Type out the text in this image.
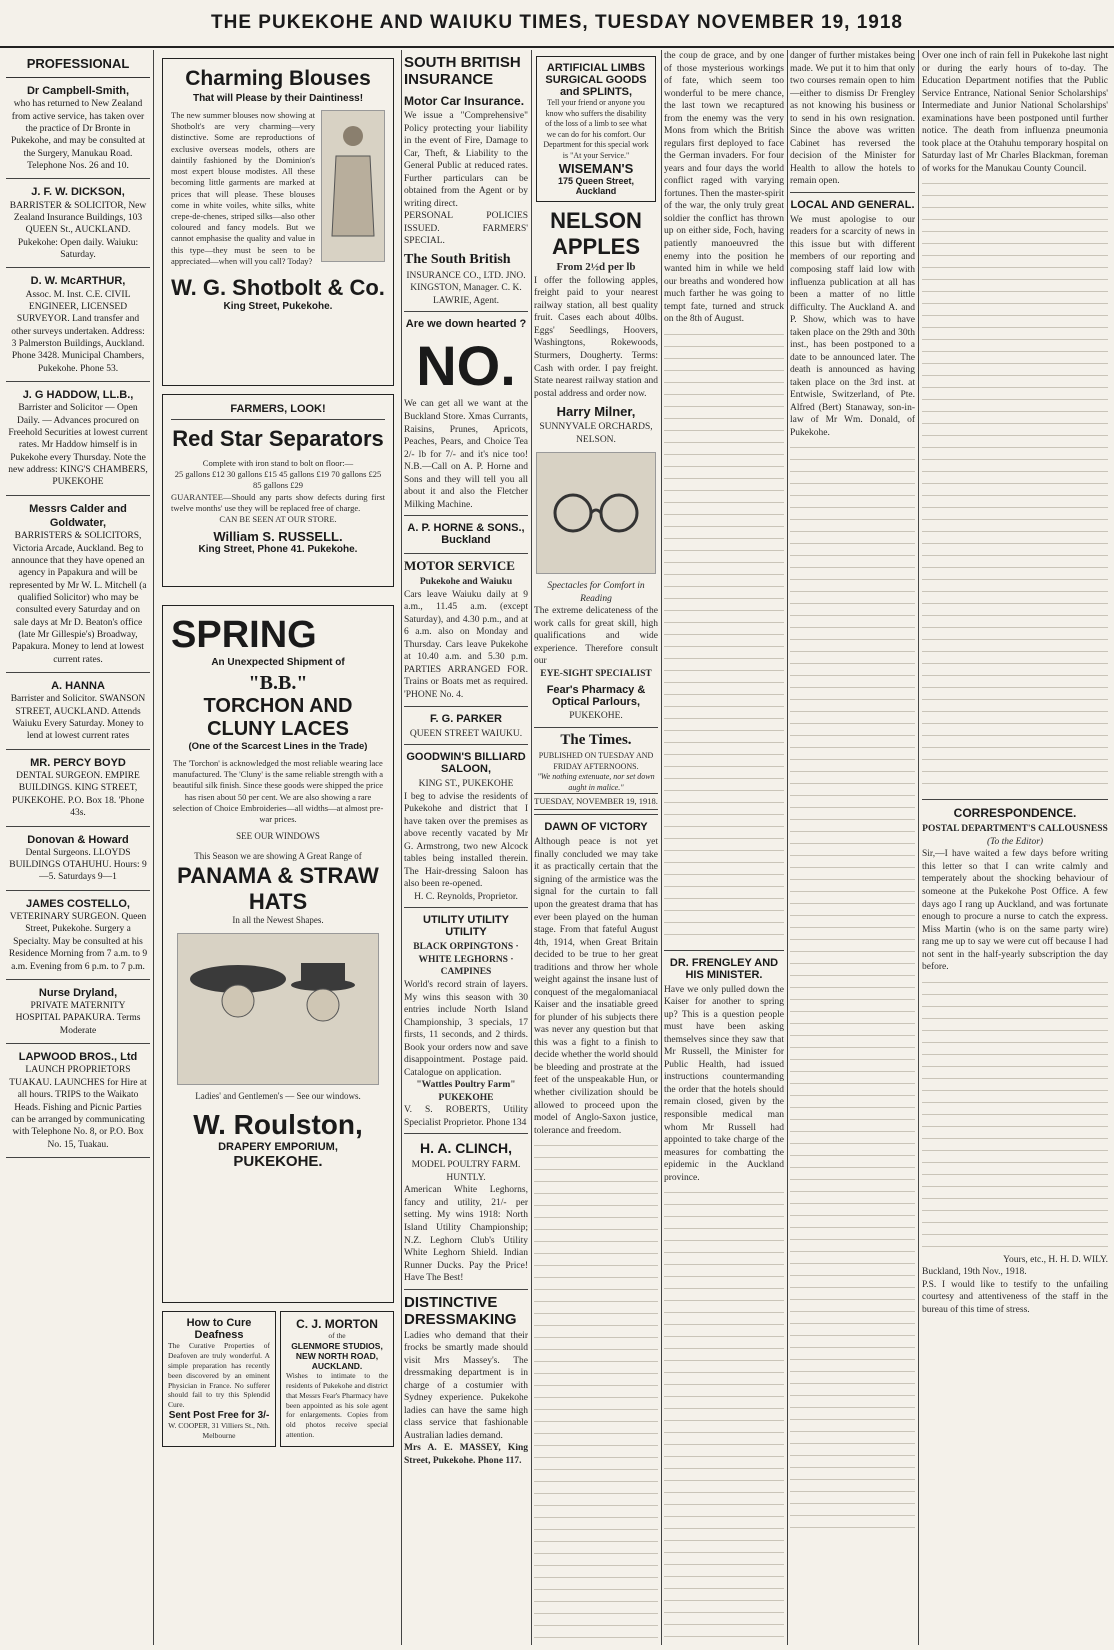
THE PUKEKOHE AND WAIUKU TIMES, TUESDAY NOVEMBER 19, 1918
PROFESSIONAL
Dr Campbell-Smith,
who has returned to New Zealand from active service, has taken over the practice of Dr Bronte in Pukekohe, and may be consulted at the Surgery, Manukau Road. Telephone Nos. 26 and 10.
J. F. W. DICKSON,
BARRISTER & SOLICITOR, New Zealand Insurance Buildings, 103 QUEEN St., AUCKLAND. Pukekohe: Open daily. Waiuku: Saturday.
D. W. McARTHUR,
Assoc. M. Inst. C.E. CIVIL ENGINEER, LICENSED SURVEYOR. Land transfer and other surveys undertaken. Address: 3 Palmerston Buildings, Auckland. Phone 3428. Municipal Chambers, Pukekohe. Phone 53.
J. G HADDOW, LL.B.,
Barrister and Solicitor — Open Daily. — Advances procured on Freehold Securities at lowest current rates. Mr Haddow himself is in Pukekohe every Thursday. Note the new address: KING'S CHAMBERS, PUKEKOHE
Messrs Calder and Goldwater,
BARRISTERS & SOLICITORS, Victoria Arcade, Auckland. Beg to announce that they have opened an agency in Papakura and will be represented by Mr W. L. Mitchell (a qualified Solicitor) who may be consulted every Saturday and on sale days at Mr D. Beaton's office (late Mr Gillespie's) Broadway, Papakura. Money to lend at lowest current rates.
A. HANNA
Barrister and Solicitor. SWANSON STREET, AUCKLAND. Attends Waiuku Every Saturday. Money to lend at lowest current rates
MR. PERCY BOYD
DENTAL SURGEON. EMPIRE BUILDINGS. KING STREET, PUKEKOHE. P.O. Box 18. 'Phone 43s.
Donovan & Howard
Dental Surgeons. LLOYDS BUILDINGS OTAHUHU. Hours: 9—5. Saturdays 9—1
JAMES COSTELLO,
VETERINARY SURGEON. Queen Street, Pukekohe. Surgery a Specialty. May be consulted at his Residence Morning from 7 a.m. to 9 a.m. Evening from 6 p.m. to 7 p.m.
Nurse Dryland,
PRIVATE MATERNITY HOSPITAL PAPAKURA. Terms Moderate
LAPWOOD BROS., Ltd
LAUNCH PROPRIETORS TUAKAU. LAUNCHES for Hire at all hours. TRIPS to the Waikato Heads. Fishing and Picnic Parties can be arranged by communicating with Telephone No. 8, or P.O. Box No. 15, Tuakau.
Charming Blouses
That will Please by their Daintiness!
The new summer blouses now showing at Shotbolt's are very charming—very distinctive. Some are reproductions of exclusive overseas models, others are daintily fashioned by the Dominion's most expert blouse modistes. All these becoming little garments are marked at prices that will please. These blouses come in white voiles, white silks, white crepe-de-chenes, striped silks—also other coloured and fancy models. But we cannot emphasise the quality and value in this type—they must be seen to be appreciated—when will you call? Today?
W. G. Shotbolt & Co.
King Street, Pukekohe.
FARMERS, LOOK!
Red Star Separators
Complete with iron stand to bolt on floor:—
25 gallons £12 30 gallons £15 45 gallons £19 70 gallons £25 85 gallons £29
GUARANTEE—Should any parts show defects during first twelve months' use they will be replaced free of charge.
CAN BE SEEN AT OUR STORE.
William S. RUSSELL.
King Street, Phone 41. Pukekohe.
SPRING
An Unexpected Shipment of
"B.B."
TORCHON AND CLUNY LACES
(One of the Scarcest Lines in the Trade)
The 'Torchon' is acknowledged the most reliable wearing lace manufactured. The 'Cluny' is the same reliable strength with a beautiful silk finish. Since these goods were shipped the price has risen about 50 per cent. We are also showing a rare selection of Choice Embroideries—all widths—at almost pre-war prices.
SEE OUR WINDOWS
This Season we are showing A Great Range of
PANAMA & STRAW HATS
In all the Newest Shapes.
Ladies' and Gentlemen's — See our windows.
W. Roulston,
DRAPERY EMPORIUM,
PUKEKOHE.
How to Cure Deafness
The Curative Properties of Deafoven are truly wonderful. A simple preparation has recently been discovered by an eminent Physician in France. No sufferer should fail to try this Splendid Cure.
Sent Post Free for 3/-
W. COOPER, 31 Villiers St., Nth. Melbourne
C. J. MORTON
of the
GLENMORE STUDIOS, NEW NORTH ROAD, AUCKLAND.
Wishes to intimate to the residents of Pukekohe and district that Messrs Fear's Pharmacy have been appointed as his sole agent for enlargements. Copies from old photos receive special attention.
SOUTH BRITISH INSURANCE
Motor Car Insurance.
We issue a "Comprehensive" Policy protecting your liability in the event of Fire, Damage to Car, Theft, & Liability to the General Public at reduced rates. Further particulars can be obtained from the Agent or by writing direct.
PERSONAL POLICIES ISSUED. FARMERS' SPECIAL.
The South British
INSURANCE CO., LTD. JNO. KINGSTON, Manager. C. K. LAWRIE, Agent.
Are we down hearted ?
NO.
We can get all we want at the Buckland Store. Xmas Currants, Raisins, Prunes, Apricots, Peaches, Pears, and Choice Tea 2/- lb for 7/- and it's nice too! N.B.—Call on A. P. Horne and Sons and they will tell you all about it and also the Fletcher Milking Machine.
A. P. HORNE & SONS., Buckland
MOTOR SERVICE
Pukekohe and Waiuku
Cars leave Waiuku daily at 9 a.m., 11.45 a.m. (except Saturday), and 4.30 p.m., and at 6 a.m. also on Monday and Thursday. Cars leave Pukekohe at 10.40 a.m. and 5.30 p.m. PARTIES ARRANGED FOR. Trains or Boats met as required. 'PHONE No. 4.
F. G. PARKER
QUEEN STREET WAIUKU.
GOODWIN'S BILLIARD SALOON,
KING ST., PUKEKOHE
I beg to advise the residents of Pukekohe and district that I have taken over the premises as above recently vacated by Mr G. Armstrong, two new Alcock tables being installed therein. The Hair-dressing Saloon has also been re-opened.
H. C. Reynolds, Proprietor.
UTILITY UTILITY UTILITY
BLACK ORPINGTONS · WHITE LEGHORNS · CAMPINES
World's record strain of layers. My wins this season with 30 entries include North Island Championship, 3 specials, 17 firsts, 11 seconds, and 2 thirds. Book your orders now and save disappointment. Postage paid. Catalogue on application.
"Wattles Poultry Farm" PUKEKOHE
V. S. ROBERTS, Utility Specialist Proprietor. Phone 134
H. A. CLINCH,
MODEL POULTRY FARM. HUNTLY.
American White Leghorns, fancy and utility, 21/- per setting. My wins 1918: North Island Utility Championship; N.Z. Leghorn Club's Utility White Leghorn Shield. Indian Runner Ducks. Pay the Price! Have The Best!
DISTINCTIVE DRESSMAKING
Ladies who demand that their frocks be smartly made should visit Mrs Massey's. The dressmaking department is in charge of a costumier with Sydney experience. Pukekohe ladies can have the same high class service that fashionable Australian ladies demand.
Mrs A. E. MASSEY, King Street, Pukekohe. Phone 117.
ARTIFICIAL LIMBS SURGICAL GOODS and SPLINTS,
Tell your friend or anyone you know who suffers the disability of the loss of a limb to see what we can do for his comfort. Our Department for this special work is "At your Service."
WISEMAN'S
175 Queen Street, Auckland
NELSON APPLES
From 2½d per lb
I offer the following apples, freight paid to your nearest railway station, all best quality fruit. Cases each about 40lbs. Eggs' Seedlings, Hoovers, Washingtons, Rokewoods, Sturmers, Dougherty. Terms: Cash with order. I pay freight. State nearest railway station and postal address and order now.
Harry Milner,
SUNNYVALE ORCHARDS, NELSON.
Spectacles for Comfort in Reading
The extreme delicateness of the work calls for great skill, high qualifications and wide experience. Therefore consult our
EYE-SIGHT SPECIALIST
Fear's Pharmacy & Optical Parlours,
PUKEKOHE.
The Times.
PUBLISHED ON TUESDAY AND FRIDAY AFTERNOONS.
"We nothing extenuate, nor set down aught in malice."
TUESDAY, NOVEMBER 19, 1918.
DAWN OF VICTORY
Although peace is not yet finally concluded we may take it as practically certain that the signing of the armistice was the signal for the curtain to fall upon the greatest drama that has ever been played on the human stage. From that fateful August 4th, 1914, when Great Britain decided to be true to her great traditions and throw her whole weight against the insane lust of conquest of the megalomaniacal Kaiser and the insatiable greed for plunder of his subjects there was never any question but that this was a fight to a finish to decide whether the world should be bleeding and prostrate at the feet of the unspeakable Hun, or whether civilization should be allowed to proceed upon the model of Anglo-Saxon justice, tolerance and freedom.
the coup de grace, and by one of those mysterious workings of fate, which seem too wonderful to be mere chance, the last town we recaptured from the enemy was the very Mons from which the British regulars first deployed to face the German invaders. For four years and four days the world conflict raged with varying fortunes. Then the master-spirit of the war, the only truly great soldier the conflict has thrown up on either side, Foch, having patiently manoeuvred the enemy into the position he wanted him in while we held our breaths and wondered how much farther he was going to tempt fate, turned and struck on the 8th of August.
DR. FRENGLEY AND HIS MINISTER.
Have we only pulled down the Kaiser for another to spring up? This is a question people must have been asking themselves since they saw that Mr Russell, the Minister for Public Health, had issued instructions countermanding the order that the hotels should remain closed, given by the responsible medical man whom Mr Russell had appointed to take charge of the measures for combatting the epidemic in the Auckland province.
danger of further mistakes being made. We put it to him that only two courses remain open to him—either to dismiss Dr Frengley as not knowing his business or to send in his own resignation. Since the above was written Cabinet has reversed the decision of the Minister for Health to allow the hotels to remain open.
LOCAL AND GENERAL.
We must apologise to our readers for a scarcity of news in this issue but with different members of our reporting and composing staff laid low with influenza publication at all has been a matter of no little difficulty. The Auckland A. and P. Show, which was to have taken place on the 29th and 30th inst., has been postponed to a date to be announced later. The death is announced as having taken place on the 3rd inst. at Entwisle, Switzerland, of Pte. Alfred (Bert) Stanaway, son-in-law of Mr Wm. Donald, of Pukekohe.
Over one inch of rain fell in Pukekohe last night or during the early hours of to-day. The Education Department notifies that the Public Service Entrance, National Senior Scholarships' Intermediate and Junior National Scholarships' examinations have been postponed until further notice. The death from influenza pneumonia took place at the Otahuhu temporary hospital on Saturday last of Mr Charles Blackman, foreman of works for the Manukau County Council.
CORRESPONDENCE.
POSTAL DEPARTMENT'S CALLOUSNESS
(To the Editor)
Sir,—I have waited a few days before writing this letter so that I can write calmly and temperately about the shocking behaviour of someone at the Pukekohe Post Office. A few days ago I rang up Auckland, and was fortunate enough to procure a nurse to catch the express. Miss Martin (who is on the same party wire) rang me up to say we were cut off because I had not sent in the half-yearly subscription the day before.
Yours, etc., H. H. D. WILY.
Buckland, 19th Nov., 1918.
P.S. I would like to testify to the unfailing courtesy and attentiveness of the staff in the bureau of this time of stress.
